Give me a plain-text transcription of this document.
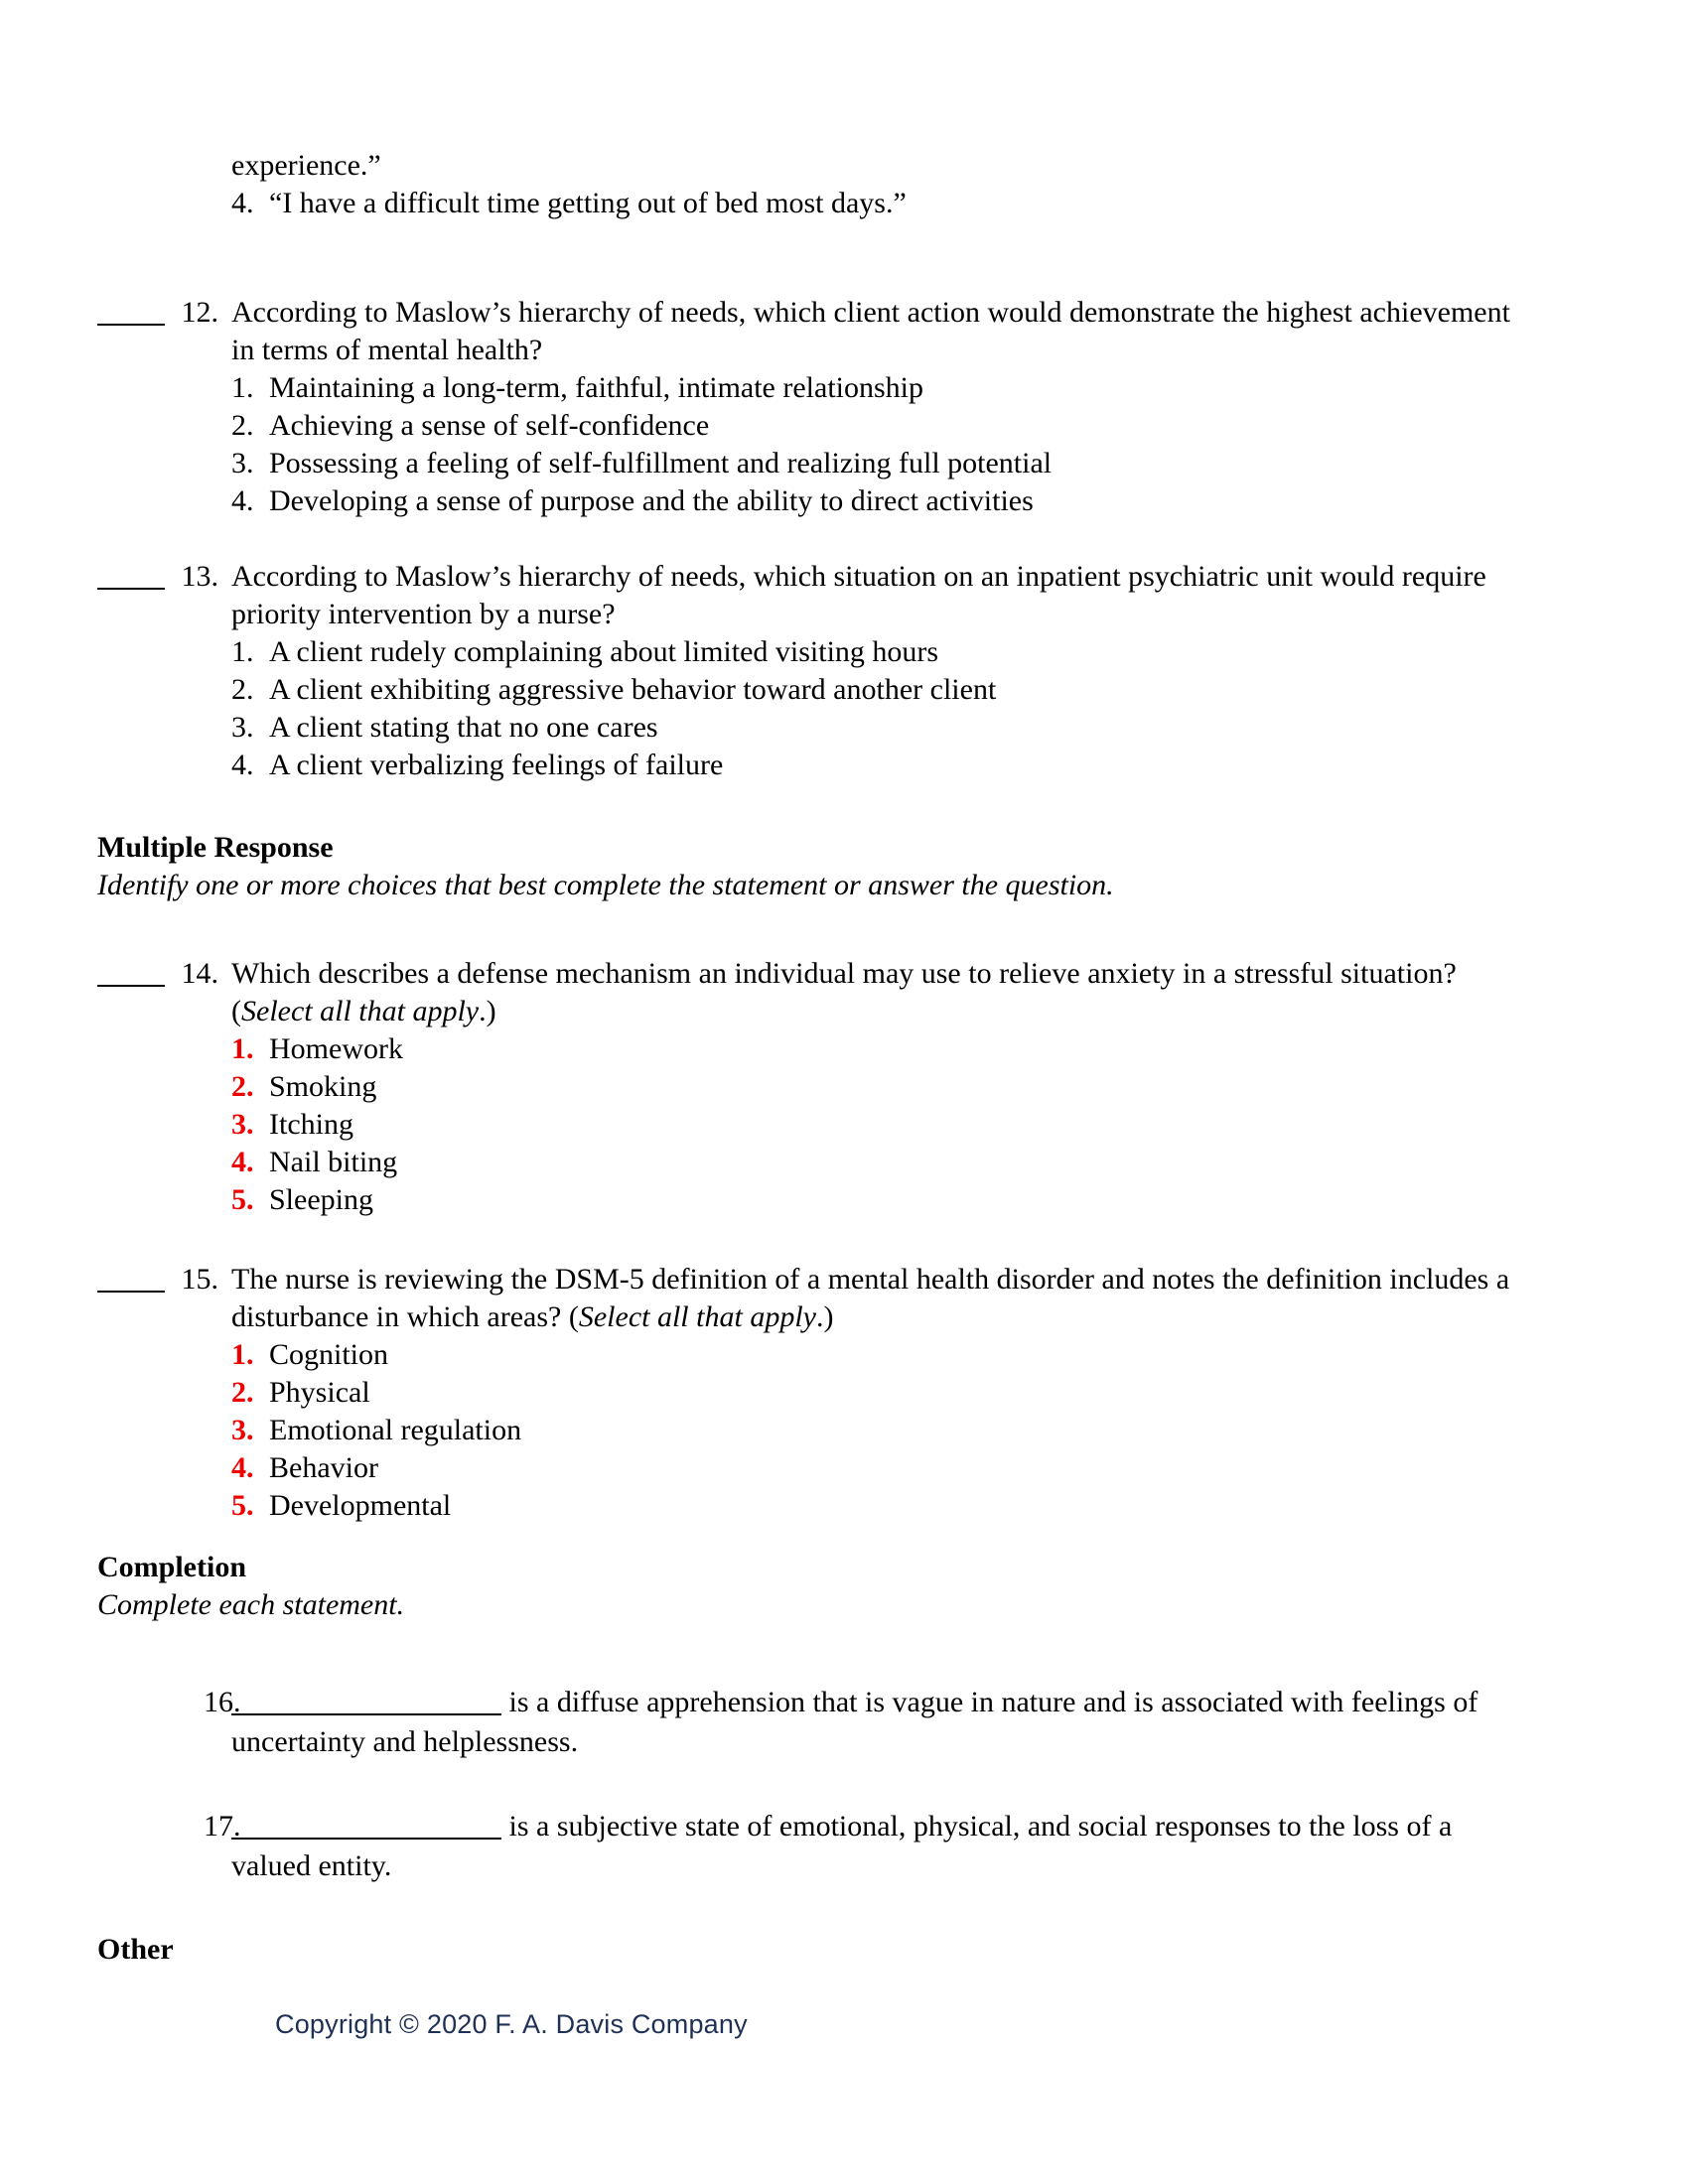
experience.”
4. “I have a difficult time getting out of bed most days.”
12. According to Maslow’s hierarchy of needs, which client action would demonstrate the highest achievement in terms of mental health?
1. Maintaining a long-term, faithful, intimate relationship
2. Achieving a sense of self-confidence
3. Possessing a feeling of self-fulfillment and realizing full potential
4. Developing a sense of purpose and the ability to direct activities
13. According to Maslow’s hierarchy of needs, which situation on an inpatient psychiatric unit would require priority intervention by a nurse?
1. A client rudely complaining about limited visiting hours
2. A client exhibiting aggressive behavior toward another client
3. A client stating that no one cares
4. A client verbalizing feelings of failure
Multiple Response
Identify one or more choices that best complete the statement or answer the question.
14. Which describes a defense mechanism an individual may use to relieve anxiety in a stressful situation? (Select all that apply.)
1. Homework
2. Smoking
3. Itching
4. Nail biting
5. Sleeping
15. The nurse is reviewing the DSM-5 definition of a mental health disorder and notes the definition includes a disturbance in which areas? (Select all that apply.)
1. Cognition
2. Physical
3. Emotional regulation
4. Behavior
5. Developmental
Completion
Complete each statement.
16.	is a diffuse apprehension that is vague in nature and is associated with feelings of uncertainty and helplessness.
17.	is a subjective state of emotional, physical, and social responses to the loss of a valued entity.
Other
Copyright © 2020 F. A. Davis Company
